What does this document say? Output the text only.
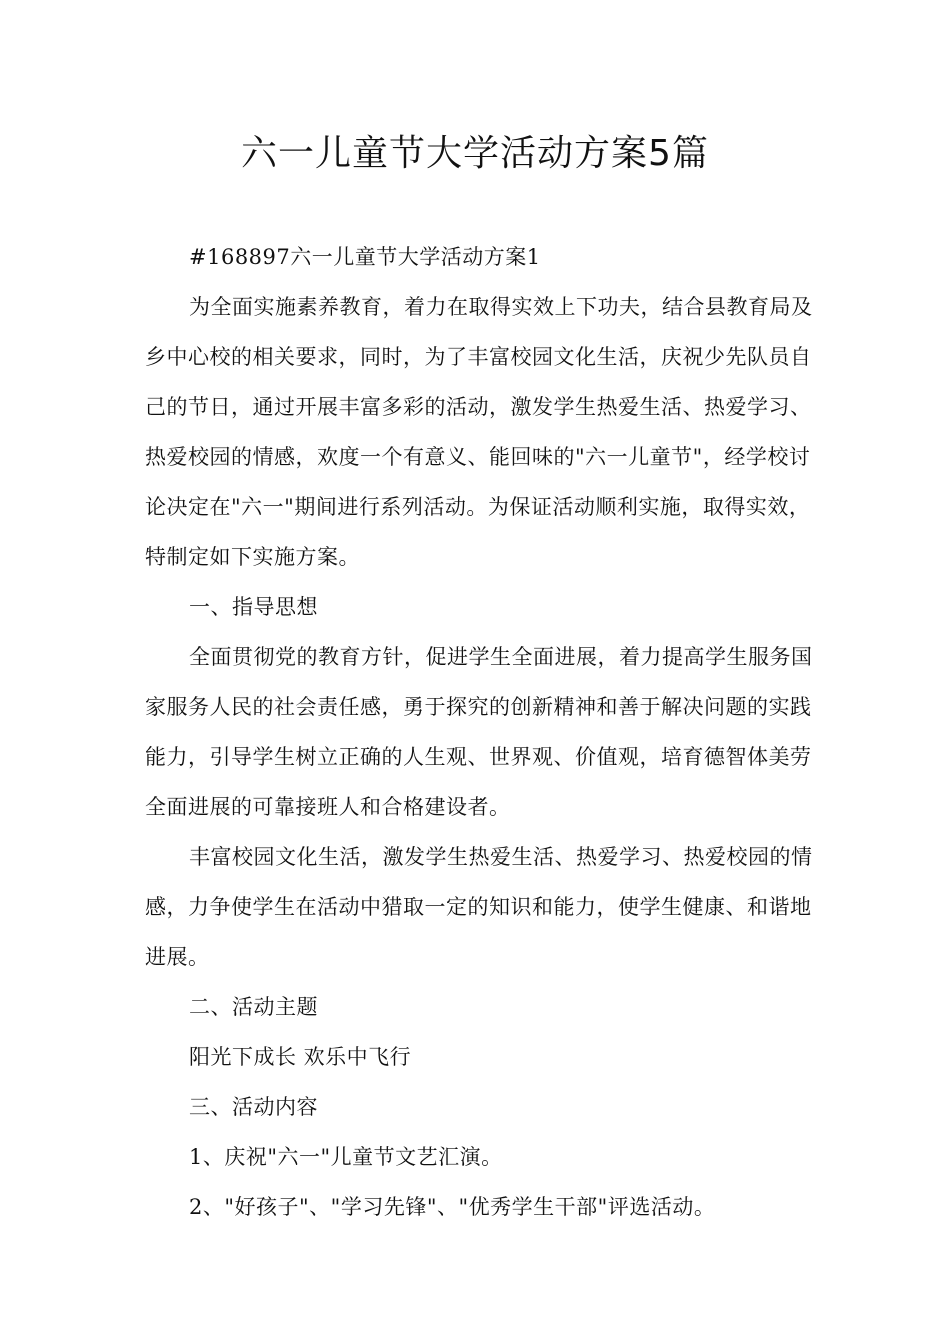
六一儿童节大学活动方案5篇

#168897六一儿童节大学活动方案1

为全面实施素养教育，着力在取得实效上下功夫，结合县教育局及乡中心校的相关要求，同时，为了丰富校园文化生活，庆祝少先队员自己的节日，通过开展丰富多彩的活动，激发学生热爱生活、热爱学习、热爱校园的情感，欢度一个有意义、能回味的"六一儿童节"，经学校讨论决定在"六一"期间进行系列活动。为保证活动顺利实施，取得实效，特制定如下实施方案。

一、指导思想

全面贯彻党的教育方针，促进学生全面进展，着力提高学生服务国家服务人民的社会责任感，勇于探究的创新精神和善于解决问题的实践能力，引导学生树立正确的人生观、世界观、价值观，培育德智体美劳全面进展的可靠接班人和合格建设者。

丰富校园文化生活，激发学生热爱生活、热爱学习、热爱校园的情感，力争使学生在活动中猎取一定的知识和能力，使学生健康、和谐地进展。

二、活动主题

阳光下成长 欢乐中飞行

三、活动内容

1、庆祝"六一"儿童节文艺汇演。

2、"好孩子"、"学习先锋"、"优秀学生干部"评选活动。
